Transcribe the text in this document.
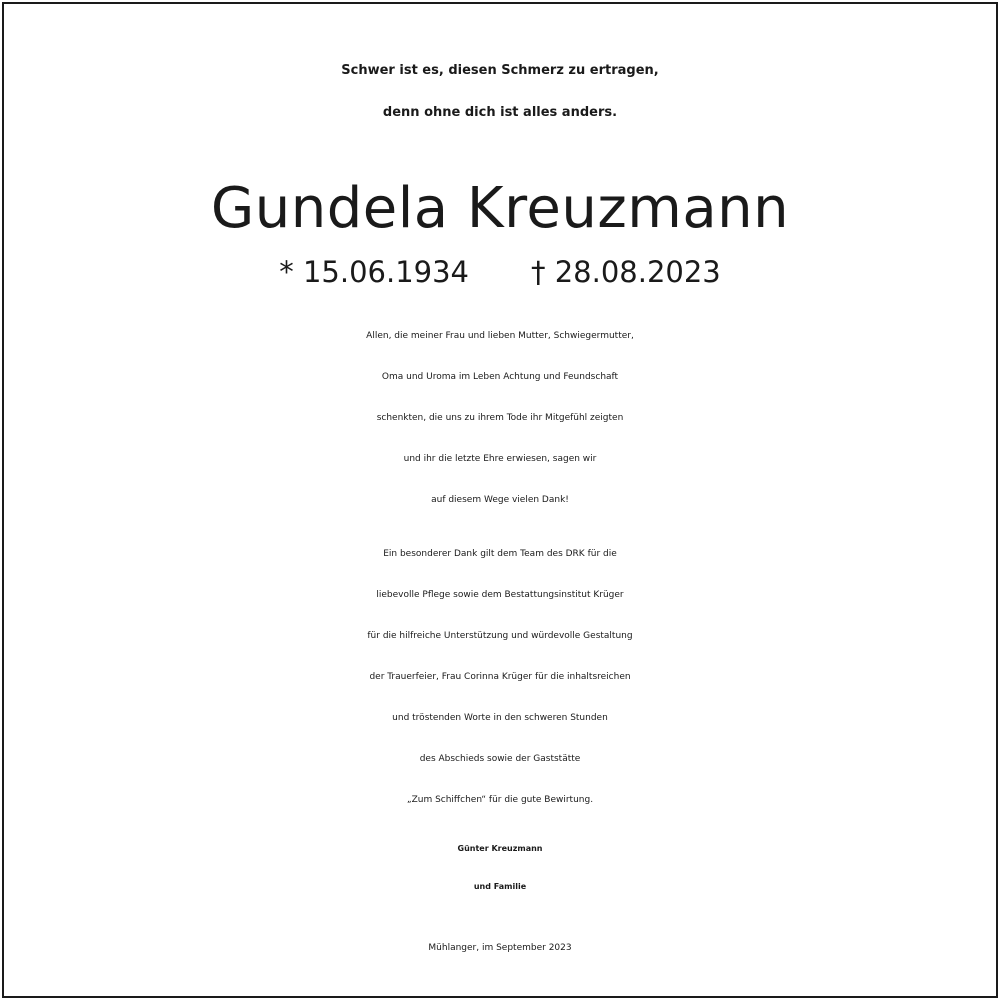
Schwer ist es, diesen Schmerz zu ertragen,
denn ohne dich ist alles anders.
Gundela Kreuzmann
* 15.06.1934 † 28.08.2023
Allen, die meiner Frau und lieben Mutter, Schwiegermutter,
Oma und Uroma im Leben Achtung und Feundschaft
schenkten, die uns zu ihrem Tode ihr Mitgefühl zeigten
und ihr die letzte Ehre erwiesen, sagen wir
auf diesem Wege vielen Dank!
Ein besonderer Dank gilt dem Team des DRK für die
liebevolle Pflege sowie dem Bestattungsinstitut Krüger
für die hilfreiche Unterstützung und würdevolle Gestaltung
der Trauerfeier, Frau Corinna Krüger für die inhaltsreichen
und tröstenden Worte in den schweren Stunden
des Abschieds sowie der Gaststätte
„Zum Schiffchen“ für die gute Bewirtung.
Günter Kreuzmann
und Familie
Mühlanger, im September 2023
